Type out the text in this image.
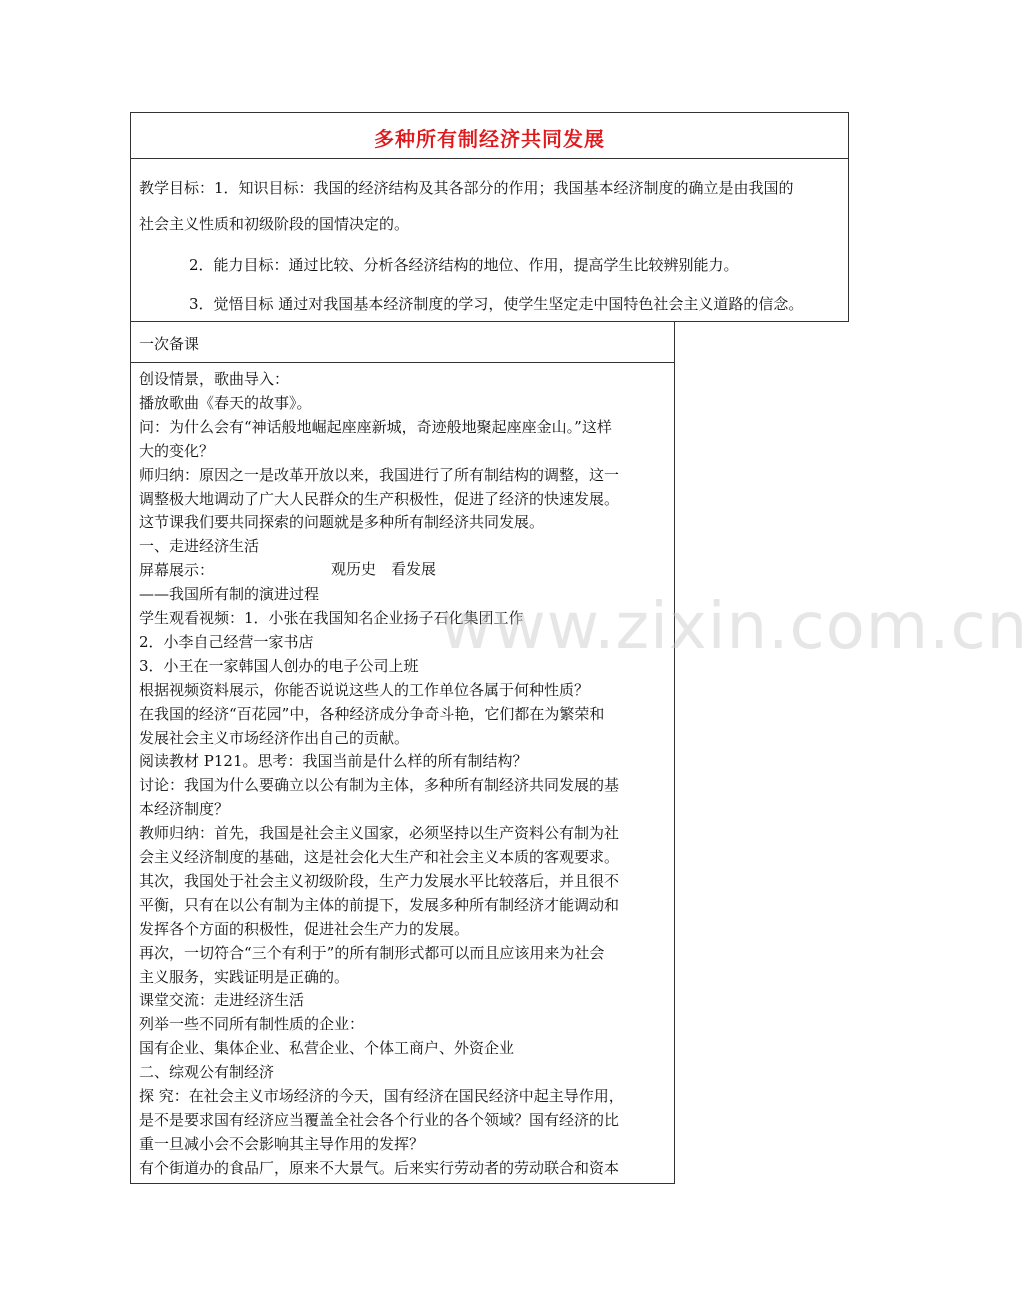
多种所有制经济共同发展
教学目标：1．知识目标：我国的经济结构及其各部分的作用；我国基本经济制度的确立是由我国的
社会主义性质和初级阶段的国情决定的。
2．能力目标：通过比较、分析各经济结构的地位、作用，提高学生比较辨别能力。
3．觉悟目标 通过对我国基本经济制度的学习，使学生坚定走中国特色社会主义道路的信念。
一次备课
创设情景，歌曲导入：
播放歌曲《春天的故事》。
问：为什么会有“神话般地崛起座座新城，奇迹般地聚起座座金山。”这样
大的变化？
师归纳：原因之一是改革开放以来，我国进行了所有制结构的调整，这一
调整极大地调动了广大人民群众的生产积极性，促进了经济的快速发展。
这节课我们要共同探索的问题就是多种所有制经济共同发展。
一、走进经济生活
屏幕展示：
——我国所有制的演进过程
学生观看视频：1．小张在我国知名企业扬子石化集团工作
2．小李自己经营一家书店
3．小王在一家韩国人创办的电子公司上班
根据视频资料展示，你能否说说这些人的工作单位各属于何种性质？
在我国的经济“百花园”中，各种经济成分争奇斗艳，它们都在为繁荣和
发展社会主义市场经济作出自己的贡献。
阅读教材 P121。思考：我国当前是什么样的所有制结构？
讨论：我国为什么要确立以公有制为主体，多种所有制经济共同发展的基
本经济制度？
教师归纳：首先，我国是社会主义国家，必须坚持以生产资料公有制为社
会主义经济制度的基础，这是社会化大生产和社会主义本质的客观要求。
其次，我国处于社会主义初级阶段，生产力发展水平比较落后，并且很不
平衡，只有在以公有制为主体的前提下，发展多种所有制经济才能调动和
发挥各个方面的积极性，促进社会生产力的发展。
再次，一切符合“三个有利于”的所有制形式都可以而且应该用来为社会
主义服务，实践证明是正确的。
课堂交流：走进经济生活
列举一些不同所有制性质的企业：
国有企业、集体企业、私营企业、个体工商户、外资企业
二、综观公有制经济
探 究：在社会主义市场经济的今天，国有经济在国民经济中起主导作用，
是不是要求国有经济应当覆盖全社会各个行业的各个领域？国有经济的比
重一旦减小会不会影响其主导作用的发挥？
有个街道办的食品厂，原来不大景气。后来实行劳动者的劳动联合和资本
观历史　看发展
www.zixin.com.cn
